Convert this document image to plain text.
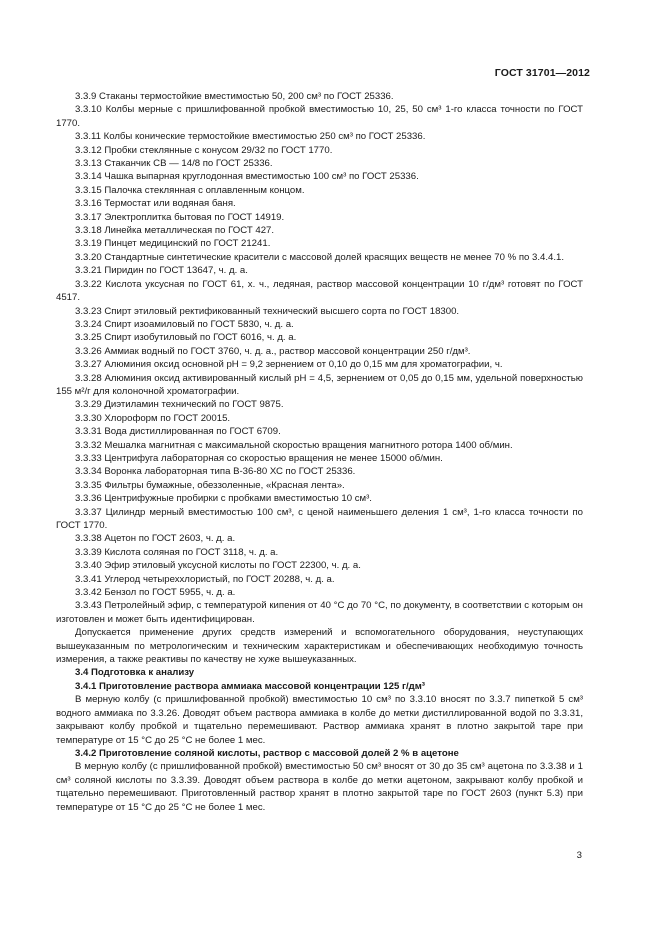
ГОСТ 31701—2012

3.3.9 Стаканы термостойкие вместимостью 50, 200 см³ по ГОСТ 25336.

3.3.10 Колбы мерные с пришлифованной пробкой вместимостью 10, 25, 50 см³ 1-го класса точности по ГОСТ 1770.

3.3.11 Колбы конические термостойкие вместимостью 250 см³ по ГОСТ 25336.

3.3.12 Пробки стеклянные с конусом 29/32 по ГОСТ 1770.

3.3.13 Стаканчик СВ — 14/8 по ГОСТ 25336.

3.3.14 Чашка выпарная круглодонная вместимостью 100 см³ по ГОСТ 25336.

3.3.15 Палочка стеклянная с оплавленным концом.

3.3.16 Термостат или водяная баня.

3.3.17 Электроплитка бытовая по ГОСТ 14919.

3.3.18 Линейка металлическая по ГОСТ 427.

3.3.19 Пинцет медицинский по ГОСТ 21241.

3.3.20 Стандартные синтетические красители с массовой долей красящих веществ не менее 70 % по 3.4.4.1.

3.3.21 Пиридин по ГОСТ 13647, ч. д. а.

3.3.22 Кислота уксусная по ГОСТ 61, х. ч., ледяная, раствор массовой концентрации 10 г/дм³ готовят по ГОСТ 4517.

3.3.23 Спирт этиловый ректификованный технический высшего сорта по ГОСТ 18300.

3.3.24 Спирт изоамиловый по ГОСТ 5830, ч. д. а.

3.3.25 Спирт изобутиловый по ГОСТ 6016, ч. д. а.

3.3.26 Аммиак водный по ГОСТ 3760, ч. д. а., раствор массовой концентрации 250 г/дм³.

3.3.27 Алюминия оксид основной рН = 9,2 зернением от 0,10 до 0,15 мм для хроматографии, ч.

3.3.28 Алюминия оксид активированный кислый рН = 4,5, зернением от 0,05 до 0,15 мм, удельной поверхностью 155 м²/г для колоночной хроматографии.

3.3.29 Диэтиламин технический по ГОСТ 9875.

3.3.30 Хлороформ по ГОСТ 20015.

3.3.31 Вода дистиллированная по ГОСТ 6709.

3.3.32 Мешалка магнитная с максимальной скоростью вращения магнитного ротора 1400 об/мин.

3.3.33 Центрифуга лабораторная со скоростью вращения не менее 15000 об/мин.

3.3.34 Воронка лабораторная типа В-36-80 ХС по ГОСТ 25336.

3.3.35 Фильтры бумажные, обеззоленные, «Красная лента».

3.3.36 Центрифужные пробирки с пробками вместимостью 10 см³.

3.3.37 Цилиндр мерный вместимостью 100 см³, с ценой наименьшего деления 1 см³, 1-го класса точности по ГОСТ 1770.

3.3.38 Ацетон по ГОСТ 2603, ч. д. а.

3.3.39 Кислота соляная по ГОСТ 3118, ч. д. а.

3.3.40 Эфир этиловый уксусной кислоты по ГОСТ 22300, ч. д. а.

3.3.41 Углерод четыреххлористый, по ГОСТ 20288, ч. д. а.

3.3.42 Бензол по ГОСТ 5955, ч. д. а.

3.3.43 Петролейный эфир, с температурой кипения от 40 °С до 70 °С, по документу, в соответствии с которым он изготовлен и может быть идентифицирован.

Допускается применение других средств измерений и вспомогательного оборудования, неуступающих вышеуказанным по метрологическим и техническим характеристикам и обеспечивающих необходимую точность измерения, а также реактивы по качеству не хуже вышеуказанных.

3.4 Подготовка к анализу

3.4.1 Приготовление раствора аммиака массовой концентрации 125 г/дм³

В мерную колбу (с пришлифованной пробкой) вместимостью 10 см³ по 3.3.10 вносят по 3.3.7 пипеткой 5 см³ водного аммиака по 3.3.26. Доводят объем раствора аммиака в колбе до метки дистиллированной водой по 3.3.31, закрывают колбу пробкой и тщательно перемешивают. Раствор аммиака хранят в плотно закрытой таре при температуре от 15 °С до 25 °С не более 1 мес.

3.4.2 Приготовление соляной кислоты, раствор с массовой долей 2 % в ацетоне

В мерную колбу (с пришлифованной пробкой) вместимостью 50 см³ вносят от 30 до 35 см³ ацетона по 3.3.38 и 1 см³ соляной кислоты по 3.3.39. Доводят объем раствора в колбе до метки ацетоном, закрывают колбу пробкой и тщательно перемешивают. Приготовленный раствор хранят в плотно закрытой таре по ГОСТ 2603 (пункт 5.3) при температуре от 15 °С до 25 °С не более 1 мес.

3
